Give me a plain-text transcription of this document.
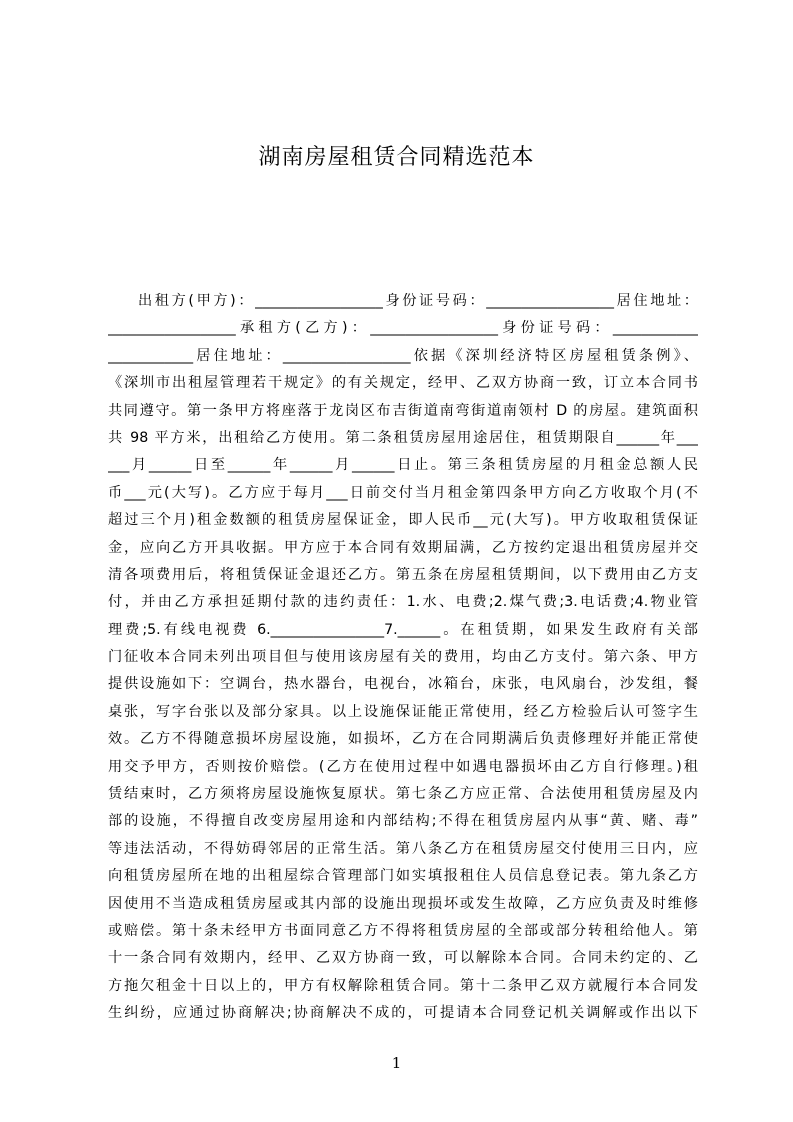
湖南房屋租赁合同精选范本
出租方(甲方)：__________________身份证号码：__________________居住地址：
__________________承租方(乙方)：__________________身份证号码：____________
____________居住地址：__________________依据《深圳经济特区房屋租赁条例》、
《深圳市出租屋管理若干规定》的有关规定，经甲、乙双方协商一致，订立本合同书
共同遵守。第一条甲方将座落于龙岗区布吉街道南弯街道南领村 D 的房屋。建筑面积
共 98 平方米，出租给乙方使用。第二条租赁房屋用途居住，租赁期限自______年___
___月______日至______年______月______日止。第三条租赁房屋的月租金总额人民
币___元(大写)。乙方应于每月___日前交付当月租金第四条甲方向乙方收取个月(不
超过三个月)租金数额的租赁房屋保证金，即人民币__元(大写)。甲方收取租赁保证
金，应向乙方开具收据。甲方应于本合同有效期届满，乙方按约定退出租赁房屋并交
清各项费用后，将租赁保证金退还乙方。第五条在房屋租赁期间，以下费用由乙方支
付，并由乙方承担延期付款的违约责任：1.水、电费;2.煤气费;3.电话费;4.物业管
理费;5.有线电视费 6.________________7.______。在租赁期，如果发生政府有关部
门征收本合同未列出项目但与使用该房屋有关的费用，均由乙方支付。第六条、甲方
提供设施如下：空调台，热水器台，电视台，冰箱台，床张，电风扇台，沙发组，餐
桌张，写字台张以及部分家具。以上设施保证能正常使用，经乙方检验后认可签字生
效。乙方不得随意损坏房屋设施，如损坏，乙方在合同期满后负责修理好并能正常使
用交予甲方，否则按价赔偿。(乙方在使用过程中如遇电器损坏由乙方自行修理。)租
赁结束时，乙方须将房屋设施恢复原状。第七条乙方应正常、合法使用租赁房屋及内
部的设施，不得擅自改变房屋用途和内部结构;不得在租赁房屋内从事“黄、赌、毒”
等违法活动，不得妨碍邻居的正常生活。第八条乙方在租赁房屋交付使用三日内，应
向租赁房屋所在地的出租屋综合管理部门如实填报租住人员信息登记表。第九条乙方
因使用不当造成租赁房屋或其内部的设施出现损坏或发生故障，乙方应负责及时维修
或赔偿。第十条未经甲方书面同意乙方不得将租赁房屋的全部或部分转租给他人。第
十一条合同有效期内，经甲、乙双方协商一致，可以解除本合同。合同未约定的、乙
方拖欠租金十日以上的，甲方有权解除租赁合同。第十二条甲乙双方就履行本合同发
生纠纷，应通过协商解决;协商解决不成的，可提请本合同登记机关调解或作出以下
1
